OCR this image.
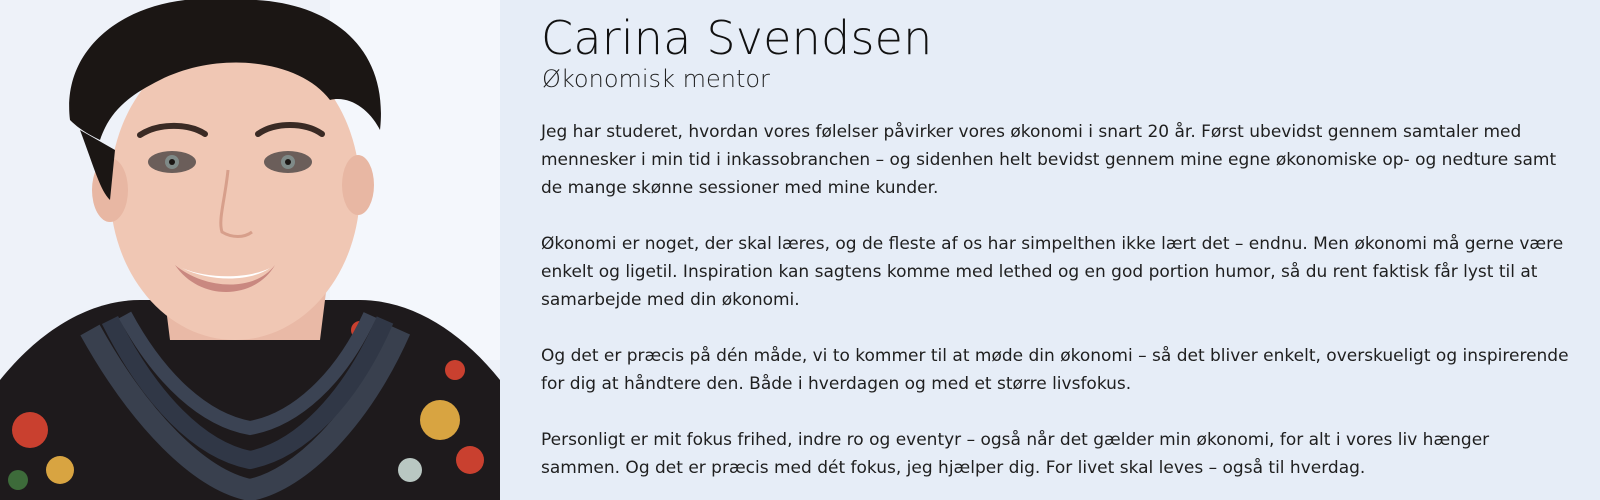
Carina Svendsen
Økonomisk mentor

Jeg har studeret, hvordan vores følelser påvirker vores økonomi i snart 20 år. Først ubevidst gennem samtaler med mennesker i min tid i inkassobranchen – og sidenhen helt bevidst gennem mine egne økonomiske op- og nedture samt de mange skønne sessioner med mine kunder.

Økonomi er noget, der skal læres, og de fleste af os har simpelthen ikke lært det – endnu. Men økonomi må gerne være enkelt og ligetil. Inspiration kan sagtens komme med lethed og en god portion humor, så du rent faktisk får lyst til at samarbejde med din økonomi.

Og det er præcis på dén måde, vi to kommer til at møde din økonomi – så det bliver enkelt, overskueligt og inspirerende for dig at håndtere den. Både i hverdagen og med et større livsfokus.

Personligt er mit fokus frihed, indre ro og eventyr – også når det gælder min økonomi, for alt i vores liv hænger sammen. Og det er præcis med dét fokus, jeg hjælper dig. For livet skal leves – også til hverdag.
